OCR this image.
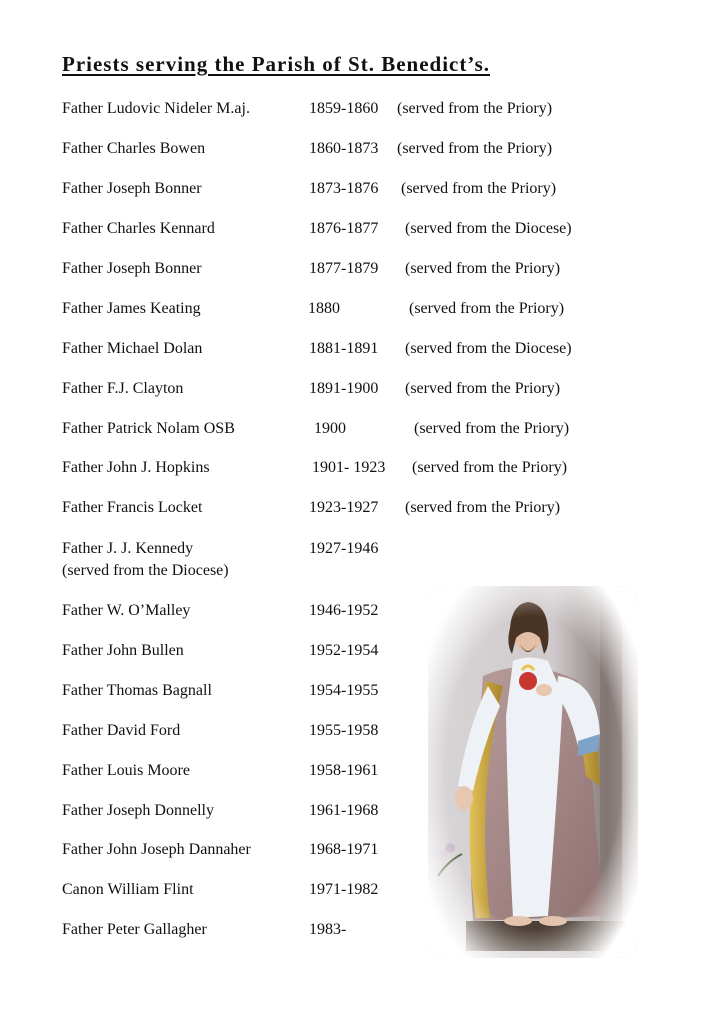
Priests serving the Parish of St. Benedict’s.
Father Ludovic Nideler M.aj.	1859-1860 (served from the Priory)
Father Charles Bowen	1860-1873 (served from the Priory)
Father Joseph Bonner	1873-1876 (served from the Priory)
Father Charles Kennard	1876-1877 (served from the Diocese)
Father Joseph Bonner	1877-1879 (served from the Priory)
Father James Keating	1880	(served from the Priory)
Father Michael Dolan	1881-1891 (served from the Diocese)
Father F.J. Clayton	1891-1900 (served from the Priory)
Father Patrick Nolam OSB	1900	(served from the Priory)
Father John J. Hopkins	1901- 1923 (served from the Priory)
Father Francis Locket	1923-1927 (served from the Priory)
Father J. J. Kennedy	1927-1946
(served from the Diocese)
Father W. O’Malley	1946-1952
Father John Bullen	1952-1954
Father Thomas Bagnall	1954-1955
Father David Ford	1955-1958
Father Louis Moore	1958-1961
Father Joseph Donnelly	1961-1968
Father John Joseph Dannaher	1968-1971
Canon William Flint	1971-1982
Father Peter Gallagher	1983-
